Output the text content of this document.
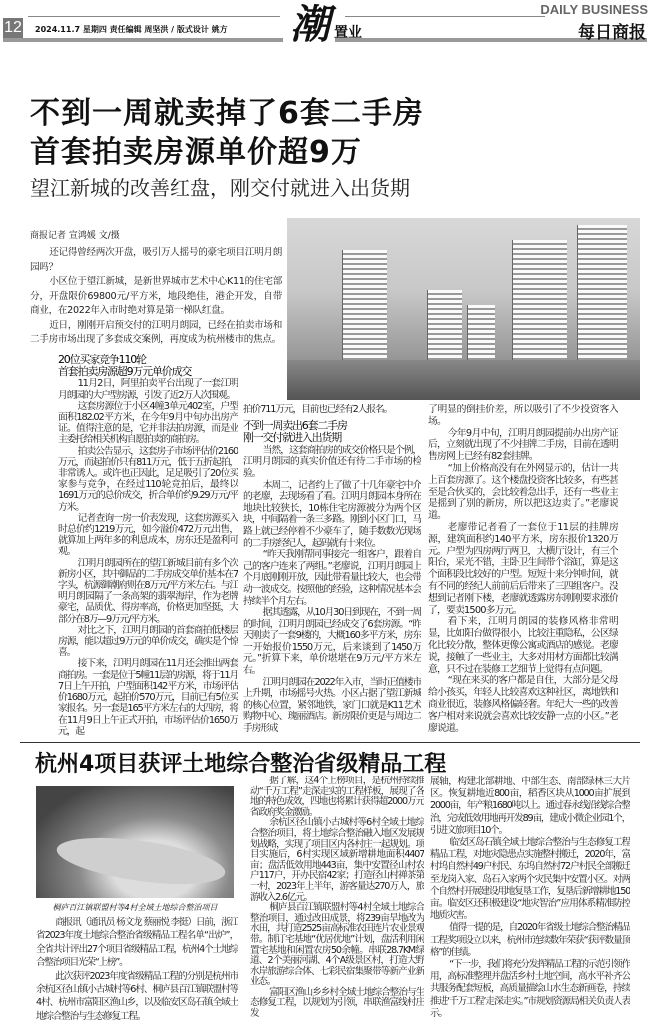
12 2024.11.7 星期四 责任编辑 周坚洪 / 版式设计 姚方 潮 置业
DAILY BUSINESS
每日商报
不到一周就卖掉了6套二手房
首套拍卖房源单价超9万
望江新城的改善红盘，刚交付就进入出货期
商报记者 宣鸿媛 文/摄

还记得曾经两次开盘，吸引万人摇号的豪宅项目江明月朗园吗？

小区位于望江新城，是新世界城市艺术中心K11的住宅部分，开盘限价69800元/平方米，地段绝佳，港企开发，自带商业，在2022年入市时绝对算是第一梯队红盘。

近日，刚刚开启预交付的江明月朗园，已经在拍卖市场和二手房市场出现了多套成交案例，再度成为杭州楼市的焦点。

20位买家竞争110轮
首套拍卖房源超9万元单价成交

11月2日，阿里拍卖平台出现了一套江明月朗园的大户型房源，引发了近2万人次围观。

这套房源位于小区4幢3单元402室，户型面积182.02平方米，在今年9月中旬办出房产证。值得注意的是，它并非法拍房源，而是业主委托给相关机构自愿拍卖的商拍房。

拍卖公告显示，这套房子市场评估价2160万元，而起拍价只有811万元，低于五折起拍，非常诱人。或许也正因此，足足吸引了20位买家参与竞争，在经过110轮竞拍后，最终以1691万元的总价成交，折合单价约9.29万元/平方米。

记者查询一房一价表发现，这套房源买入时总价约1219万元，如今溢价472万元出售，就算加上两年多的利息成本，房东还是盈利可观。

江明月朗园所在的望江新城目前有多个次新房小区，其中御品的二手房成交单价基本在7字头，杭源御潮府则在8万元/平方米左右。与江明月朗园隔了一条高架的翡翠海岸，作为老牌豪宅，品质优、得房率高，价格更加坚挺，大部分在8万—9万元/平方米。

对比之下，江明月朗园的首套商拍低楼层房源，能以超过9万元的单价成交，确实是个惊喜。

接下来，江明月朗园在11月还会推出两套商拍房。一套是位于5幢11层的房源，将于11月7日上午开拍，户型面积142平方米，市场评估价1680万元，起拍价570万元，目前已有5位买家报名。另一套是165平方米左右的大四房，将在11月9日上午正式开拍，市场评估价1650万元，起

拍价711万元，目前也已经有2人报名。
不到一周卖出6套二手房
刚一交付就进入出货期

当然，这套商拍房的成交价格只是个例，江明月朗园的真实价值还有待二手市场的检验。

本周二，记者约上了做了十几年豪宅中介的老廖，去现场看了看。江明月朗园本身所在地块比较狭长，10栋住宅房源被分为两个区块，中间隔着一条三多路。刚到小区门口，马路上就已经停着不少豪车了，随手数数光现场的二手房经纪人，起码就有十来位。

“昨天我刚帮同事接完一组客户，跟着自己的客户连来了两组。”老廖说，江明月朗园上个月底刚刚开放，因此带看量比较大，也会带动一波成交。按照他的经验，这种情况基本会持续半个月左右。

据其透露，从10月30日到现在，不到一周的时间，江明月朗园已经成交了6套房源。“昨天刚卖了一套9楼的，大概160多平方米，房东一开始报价1550万元，后来谈到了1450万元。”折算下来，单价堪堪在9万元/平方米左右。

江明月朗园在2022年入市，当时正值楼市上升期，市场摇号火热。小区占据了望江新城的核心位置，紧邻地铁，家门口就是K11艺术购物中心、瑰丽酒店。新房限价更是与周边二手房形成

了明显的倒挂价差，所以吸引了不少投资客入场。

今年9月中旬，江明月朗园提前办出房产证后，立刻就出现了不少挂牌二手房，目前在透明售房网上已经有82套挂牌。

“加上价格高没有在外网显示的，估计一共上百套房源了。这个楼盘投资客比较多，有些甚至是合伙买的，会比较着急出手，还有一些业主是摇到了别的新房，所以把这边卖了。”老廖说道。

老廖带记者看了一套位于11层的挂牌房源，建筑面积约140平方米，房东报价1320万元。户型为四房两厅两卫，大横厅设计，有三个阳台，采光不错，主卧卫生间带个浴缸，算是这个面积段比较好的户型。短短十来分钟时间，就有不同的经纪人前前后后带来了三四组客户。没想到记者刚下楼，老廖就透露房东刚刚要求涨价了，要卖1500多万元。

看下来，江明月朗园的装修风格非常明显，比如阳台做得很小，比较注重隐私，公区绿化比较分散，整体更像公寓或酒店的感觉。老廖说，接触了一些业主，大多对用材方面都比较满意，只不过在装修工艺细节上觉得有点问题。

“现在来买的客户都是自住，大部分是父母给小孩买，年轻人比较喜欢这种社区，离地铁和商业很近，装修风格偏轻奢。年纪大一些的改善客户相对来说就会喜欢比较安静一点的小区。”老廖说道。

杭州4项目获评土地综合整治省级精品工程
桐庐百江镇联盟村等4村全域土地综合整治项目

商报讯（通讯员 杨文龙 蔡丽悦 李挺）日前，浙江省2023年度土地综合整治省级精品工程名单“出炉”，全省共计评出27个项目省级精品工程，杭州4个土地综合整治项目光荣“上榜”。

此次获评2023年度省级精品工程的分别是杭州市余杭区径山镇小古城村等6村、桐庐县百江镇联盟村等4村、杭州市富阳区渔山乡，以及临安区岛石镇全域土地综合整治与生态修复工程。

据了解，这4个上榜项目，是杭州持续推动“千万工程”走深走实的工程样板，展现了各地的特色成效，四地也将累计获得超2000万元省政府奖金激励。

余杭区径山镇小古城村等6村全域土地综合整治项目，将土地综合整治融入地区发展规划战略，实现了项目区内各村庄一起规划。项目实施后，6村实现区域新增耕地面积4407亩；盘活低效用地443亩，集中安置径山村农户117户，开办民宿42家；打造径山村禅茶第一村，2023年上半年，游客量达270万人，旅游收入2.6亿元。

桐庐县百江镇联盟村等4村全域土地综合整治项目，通过改田成景，将239亩旱地改为水田，共打造2525亩高标准农田连片农业景观带。制订宅基地“优居优地”计划，盘活利用闲置宅基地和闲置农房50余幢。串联28.7KM绿道、2个美丽河湖、4个A级景区村，打造大野水岸旅游综合体、七彩民宿集聚带等新产业新业态。

富阳区渔山乡乡村全域土地综合整治与生态修复工程，以规划为引领，串联渔富线村庄发

展轴，构建北部耕地、中部生态、南部绿林三大片区。恢复耕地近800亩，稻香区块从1000亩扩展到2000亩，年产粮1680吨以上。通过春永线沿线综合整治，完成低效用地再开发89亩，建成小微企业园1个，引进文旅项目10个。

临安区岛石镇全域土地综合整治与生态修复工程精品工程，对地灾隐患点实施整村搬迁，2020年，富村坞自然村49户村民、东坞自然村72户村民全部搬迁至龙岗入家、岛石入家两个灾民集中安置小区。对两个自然村开展建设用地复垦工作，复垦后新增耕地150亩。临安区还积极建设“地灾智治”应用体系精准防控地质灾害。

值得一提的是，自2020年省级土地综合整治精品工程奖项设立以来，杭州市连续数年荣获“获评数量顶格”的佳绩。

“下一步，我们将充分发挥精品工程的示范引领作用，高标准整理并盘活乡村土地空间，高水平补齐公共服务配套短板，高质量描绘山水生态新画卷，持续推进‘千万工程’走深走实。”市规划资源局相关负责人表示。
